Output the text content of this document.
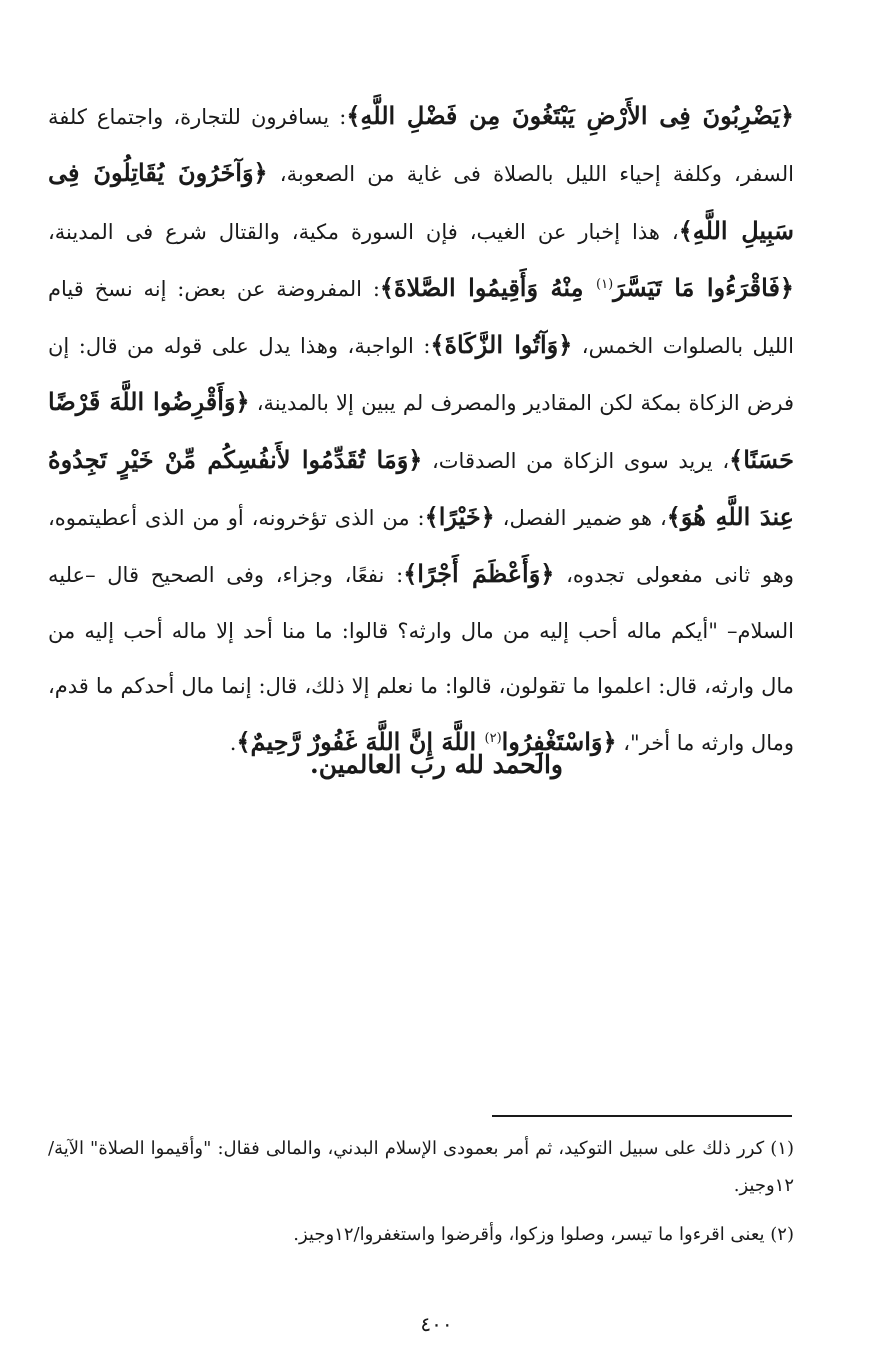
﴿يَضْرِبُونَ فِى الأَرْضِ يَبْتَغُونَ مِن فَضْلِ اللَّهِ﴾: يسافرون للتجارة، واجتماع كلفة السفر، وكلفة إحياء الليل بالصلاة فى غاية من الصعوبة، ﴿وَآخَرُونَ يُقَاتِلُونَ فِى سَبِيلِ اللَّهِ﴾، هذا إخبار عن الغيب، فإن السورة مكية، والقتال شرع فى المدينة، ﴿فَاقْرَءُوا مَا تَيَسَّرَ$^{(١)}$ مِنْهُ وَأَقِيمُوا الصَّلاةَ﴾: المفروضة عن بعض: إنه نسخ قيام الليل بالصلوات الخمس، ﴿وَآتُوا الزَّكَاةَ﴾: الواجبة، وهذا يدل على قوله من قال: إن فرض الزكاة بمكة لكن المقادير والمصرف لم يبين إلا بالمدينة، ﴿وَأَقْرِضُوا اللَّهَ قَرْضًا حَسَنًا﴾، يريد سوى الزكاة من الصدقات، ﴿وَمَا تُقَدِّمُوا لأَنفُسِكُم مِّنْ خَيْرٍ تَجِدُوهُ عِندَ اللَّهِ هُوَ﴾، هو ضمير الفصل، ﴿خَيْرًا﴾: من الذى تؤخرونه، أو من الذى أعطيتموه، وهو ثانى مفعولى تجدوه، ﴿وَأَعْظَمَ أَجْرًا﴾: نفعًا، وجزاء، وفى الصحيح قال –عليه السلام– "أيكم ماله أحب إليه من مال وارثه؟ قالوا: ما منا أحد إلا ماله أحب إليه من مال وارثه، قال: اعلموا ما تقولون، قالوا: ما نعلم إلا ذلك، قال: إنما مال أحدكم ما قدم، ومال وارثه ما أخر"، ﴿وَاسْتَغْفِرُوا$^{(٢)}$ اللَّهَ إِنَّ اللَّهَ غَفُورٌ رَّحِيمٌ﴾.

والحمد لله رب العالمين.

(١) كرر ذلك على سبيل التوكيد، ثم أمر بعمودى الإسلام البدني، والمالى فقال: "وأقيموا الصلاة" الآية/١٢وجيز.

(٢) يعنى اقرءوا ما تيسر، وصلوا وزكوا، وأقرضوا واستغفروا/١٢وجيز.

٤٠٠
